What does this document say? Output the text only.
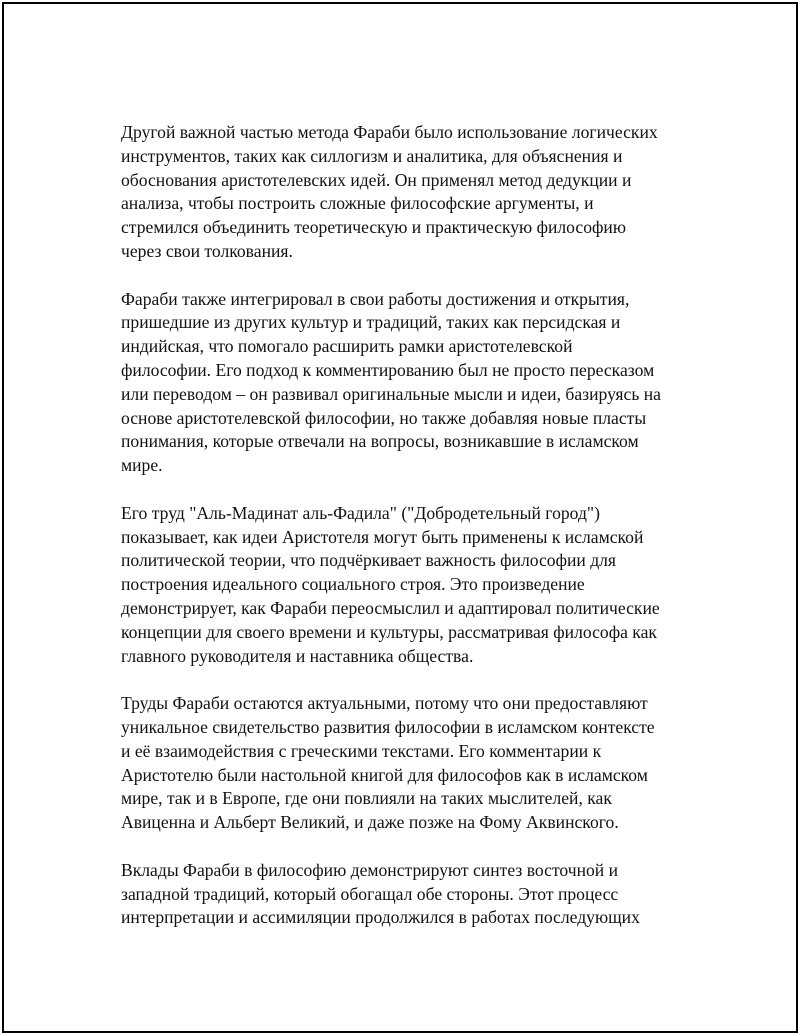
Другой важной частью метода Фараби было использование логических
инструментов, таких как силлогизм и аналитика, для объяснения и
обоснования аристотелевских идей. Он применял метод дедукции и
анализа, чтобы построить сложные философские аргументы, и
стремился объединить теоретическую и практическую философию
через свои толкования.
Фараби также интегрировал в свои работы достижения и открытия,
пришедшие из других культур и традиций, таких как персидская и
индийская, что помогало расширить рамки аристотелевской
философии. Его подход к комментированию был не просто пересказом
или переводом – он развивал оригинальные мысли и идеи, базируясь на
основе аристотелевской философии, но также добавляя новые пласты
понимания, которые отвечали на вопросы, возникавшие в исламском
мире.
Его труд "Аль-Мадинат аль-Фадила" ("Добродетельный город")
показывает, как идеи Аристотеля могут быть применены к исламской
политической теории, что подчёркивает важность философии для
построения идеального социального строя. Это произведение
демонстрирует, как Фараби переосмыслил и адаптировал политические
концепции для своего времени и культуры, рассматривая философа как
главного руководителя и наставника общества.
Труды Фараби остаются актуальными, потому что они предоставляют
уникальное свидетельство развития философии в исламском контексте
и её взаимодействия с греческими текстами. Его комментарии к
Аристотелю были настольной книгой для философов как в исламском
мире, так и в Европе, где они повлияли на таких мыслителей, как
Авиценна и Альберт Великий, и даже позже на Фому Аквинского.
Вклады Фараби в философию демонстрируют синтез восточной и
западной традиций, который обогащал обе стороны. Этот процесс
интерпретации и ассимиляции продолжился в работах последующих
